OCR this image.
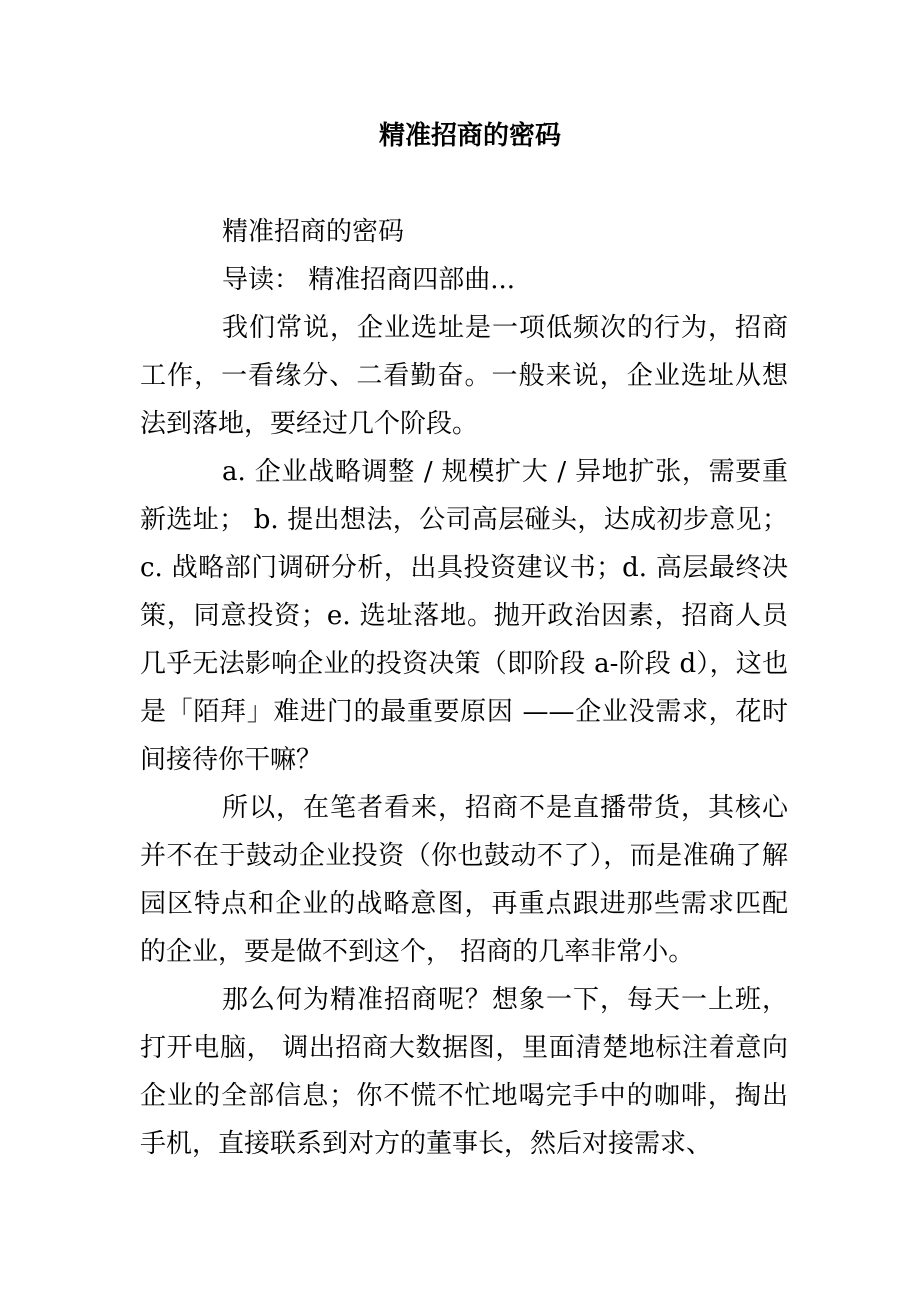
精准招商的密码

精准招商的密码

导读： 精准招商四部曲...

我们常说，企业选址是一项低频次的行为，招商工作，一看缘分、二看勤奋。一般来说，企业选址从想法到落地，要经过几个阶段。

a. 企业战略调整 / 规模扩大 / 异地扩张，需要重新选址； b. 提出想法，公司高层碰头，达成初步意见；c. 战略部门调研分析，出具投资建议书；d. 高层最终决策，同意投资；e. 选址落地。抛开政治因素，招商人员几乎无法影响企业的投资决策（即阶段 a-阶段 d），这也是「陌拜」难进门的最重要原因 ——企业没需求，花时间接待你干嘛？

所以，在笔者看来，招商不是直播带货，其核心并不在于鼓动企业投资（你也鼓动不了），而是准确了解园区特点和企业的战略意图，再重点跟进那些需求匹配的企业，要是做不到这个， 招商的几率非常小。

那么何为精准招商呢？想象一下，每天一上班，打开电脑， 调出招商大数据图，里面清楚地标注着意向企业的全部信息；你不慌不忙地喝完手中的咖啡，掏出手机，直接联系到对方的董事长，然后对接需求、
